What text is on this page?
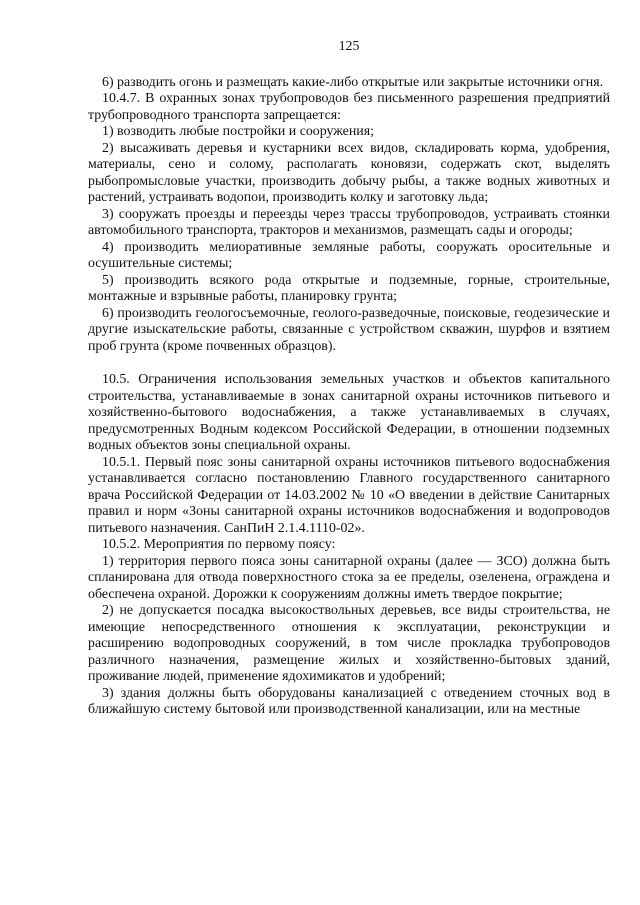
125

6) разводить огонь и размещать какие-либо открытые или закрытые источники огня.

10.4.7. В охранных зонах трубопроводов без письменного разрешения предприятий трубопроводного транспорта запрещается:

1) возводить любые постройки и сооружения;

2) высаживать деревья и кустарники всех видов, складировать корма, удобрения, материалы, сено и солому, располагать коновязи, содержать скот, выделять рыбопромысловые участки, производить добычу рыбы, а также водных животных и растений, устраивать водопои, производить колку и заготовку льда;

3) сооружать проезды и переезды через трассы трубопроводов, устраивать стоянки автомобильного транспорта, тракторов и механизмов, размещать сады и огороды;

4) производить мелиоративные земляные работы, сооружать оросительные и осушительные системы;

5) производить всякого рода открытые и подземные, горные, строительные, монтажные и взрывные работы, планировку грунта;

6) производить геологосъемочные, геолого-разведочные, поисковые, геодезические и другие изыскательские работы, связанные с устройством скважин, шурфов и взятием проб грунта (кроме почвенных образцов).

10.5. Ограничения использования земельных участков и объектов капитального строительства, устанавливаемые в зонах санитарной охраны источников питьевого и хозяйственно-бытового водоснабжения, а также устанавливаемых в случаях, предусмотренных Водным кодексом Российской Федерации, в отношении подземных водных объектов зоны специальной охраны.

10.5.1. Первый пояс зоны санитарной охраны источников питьевого водоснабжения устанавливается согласно постановлению Главного государственного санитарного врача Российской Федерации от 14.03.2002 № 10 «О введении в действие Санитарных правил и норм «Зоны санитарной охраны источников водоснабжения и водопроводов питьевого назначения. СанПиН 2.1.4.1110-02».

10.5.2. Мероприятия по первому поясу:

1) территория первого пояса зоны санитарной охраны (далее — ЗСО) должна быть спланирована для отвода поверхностного стока за ее пределы, озеленена, ограждена и обеспечена охраной. Дорожки к сооружениям должны иметь твердое покрытие;

2) не допускается посадка высокоствольных деревьев, все виды строительства, не имеющие непосредственного отношения к эксплуатации, реконструкции и расширению водопроводных сооружений, в том числе прокладка трубопроводов различного назначения, размещение жилых и хозяйственно-бытовых зданий, проживание людей, применение ядохимикатов и удобрений;

3) здания должны быть оборудованы канализацией с отведением сточных вод в ближайшую систему бытовой или производственной канализации, или на местные
